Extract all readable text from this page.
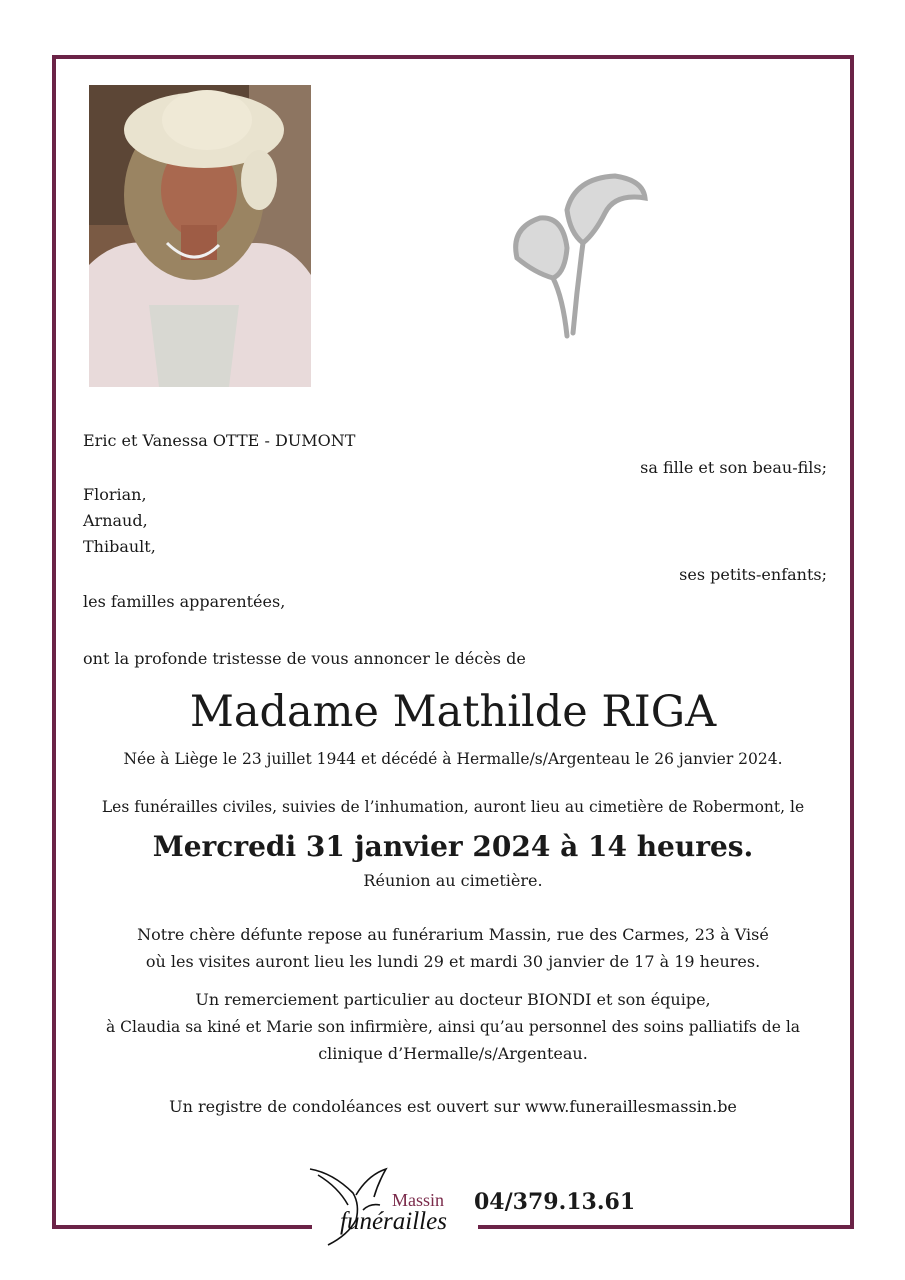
Eric et Vanessa OTTE - DUMONT
sa fille et son beau-fils;
Florian,
Arnaud,
Thibault,
ses petits-enfants;
les familles apparentées,
ont la profonde tristesse de vous annoncer le décès de
Madame Mathilde RIGA
Née à Liège le 23 juillet 1944 et décédé à Hermalle/s/Argenteau le 26 janvier 2024.
Les funérailles civiles, suivies de l’inhumation, auront lieu au cimetière de Robermont, le
Mercredi 31 janvier 2024 à 14 heures.
Réunion au cimetière.
Notre chère défunte repose au funérarium Massin, rue des Carmes, 23 à Visé
où les visites auront lieu les lundi 29 et mardi 30 janvier de 17 à 19 heures.
Un remerciement particulier au docteur BIONDI et son équipe,
à Claudia sa kiné et Marie son infirmière, ainsi qu’au personnel des soins palliatifs de la
clinique d’Hermalle/s/Argenteau.
Un registre de condoléances est ouvert sur www.funeraillesmassin.be
Massin
funérailles
04/379.13.61
